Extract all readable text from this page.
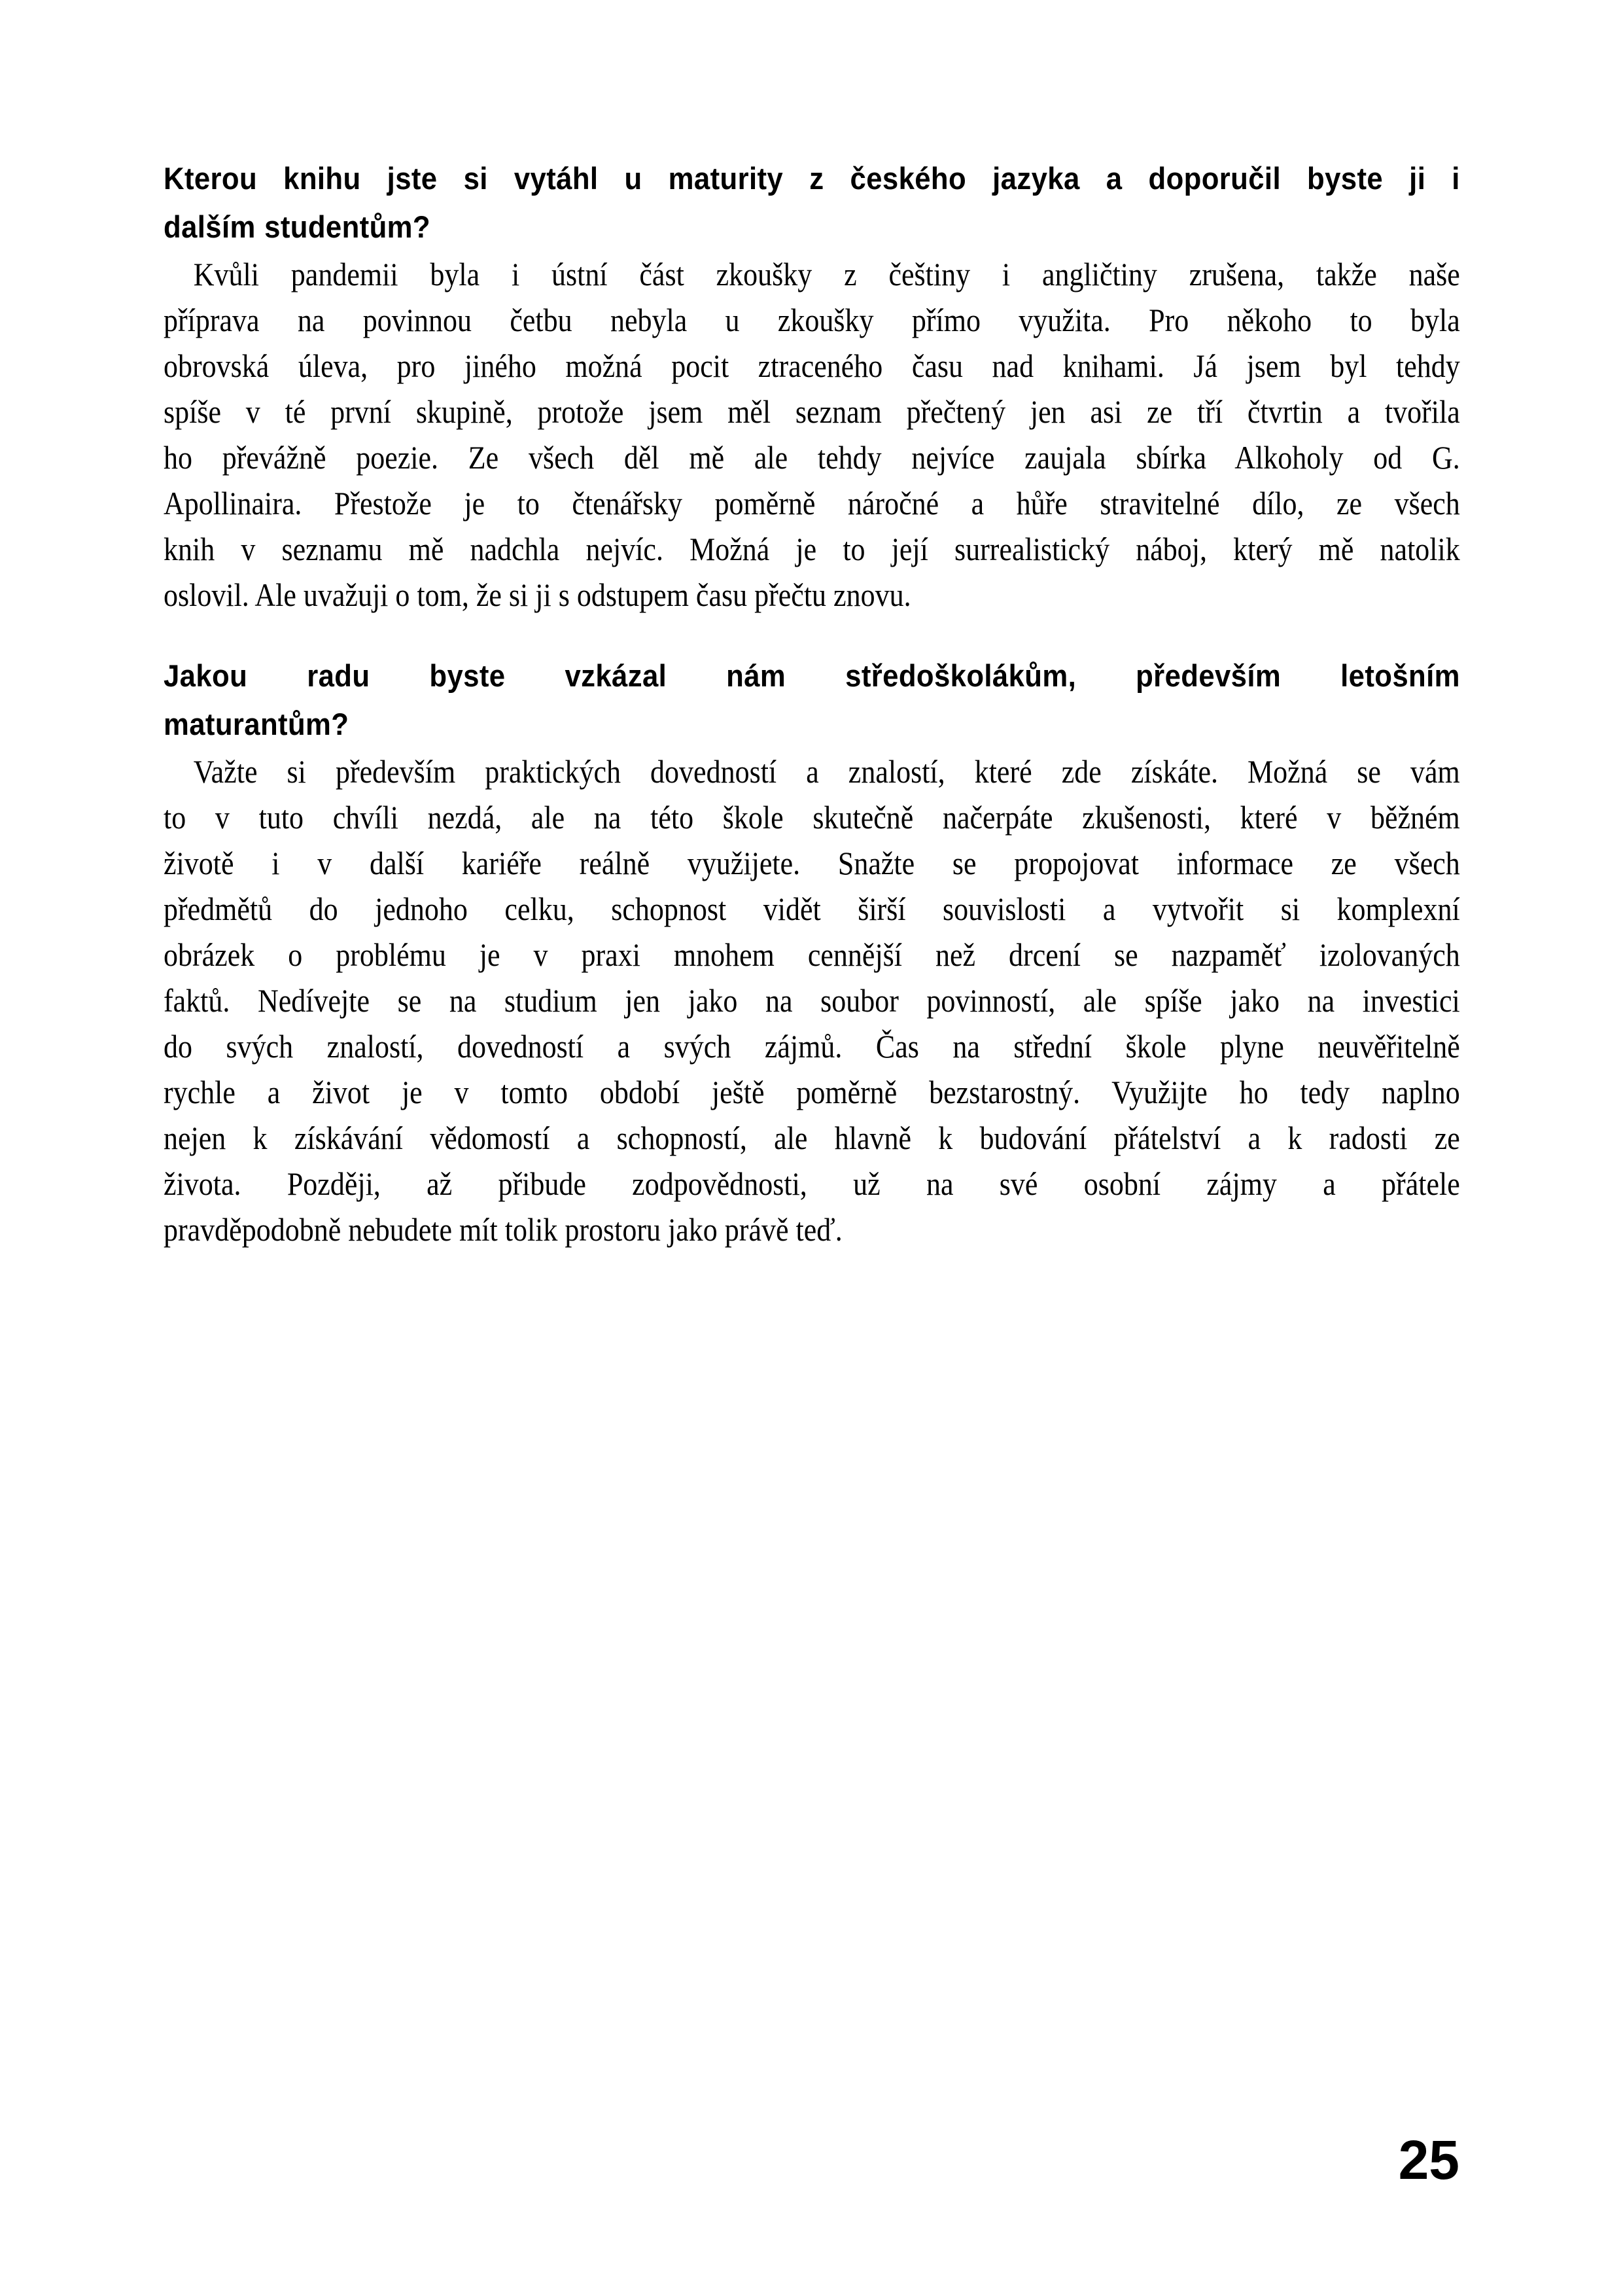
Kterou knihu jste si vytáhl u maturity z českého jazyka a doporučil byste ji i
dalším studentům?
Kvůli pandemii byla i ústní část zkoušky z češtiny i angličtiny zrušena, takže naše
příprava na povinnou četbu nebyla u zkoušky přímo využita. Pro někoho to byla
obrovská úleva, pro jiného možná pocit ztraceného času nad knihami. Já jsem byl tehdy
spíše v té první skupině, protože jsem měl seznam přečtený jen asi ze tří čtvrtin a tvořila
ho převážně poezie. Ze všech děl mě ale tehdy nejvíce zaujala sbírka Alkoholy od G.
Apollinaira. Přestože je to čtenářsky poměrně náročné a hůře stravitelné dílo, ze všech
knih v seznamu mě nadchla nejvíc. Možná je to její surrealistický náboj, který mě natolik
oslovil. Ale uvažuji o tom, že si ji s odstupem času přečtu znovu.
Jakou radu byste vzkázal nám středoškolákům, především letošním
maturantům?
Važte si především praktických dovedností a znalostí, které zde získáte. Možná se vám
to v tuto chvíli nezdá, ale na této škole skutečně načerpáte zkušenosti, které v běžném
životě i v další kariéře reálně využijete. Snažte se propojovat informace ze všech
předmětů do jednoho celku, schopnost vidět širší souvislosti a vytvořit si komplexní
obrázek o problému je v praxi mnohem cennější než drcení se nazpaměť izolovaných
faktů. Nedívejte se na studium jen jako na soubor povinností, ale spíše jako na investici
do svých znalostí, dovedností a svých zájmů. Čas na střední škole plyne neuvěřitelně
rychle a život je v tomto období ještě poměrně bezstarostný. Využijte ho tedy naplno
nejen k získávání vědomostí a schopností, ale hlavně k budování přátelství a k radosti ze
života. Později, až přibude zodpovědnosti, už na své osobní zájmy a přátele
pravděpodobně nebudete mít tolik prostoru jako právě teď.
25
